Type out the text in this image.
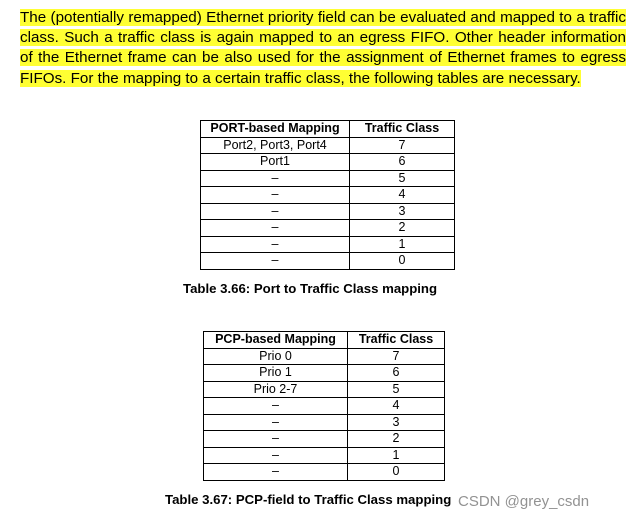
The (potentially remapped) Ethernet priority field can be evaluated and mapped to a traffic class. Such a traffic class is again mapped to an egress FIFO. Other header information of the Ethernet frame can be also used for the assignment of Ethernet frames to egress FIFOs. For the mapping to a certain traffic class, the following tables are necessary.
PORT-based Mapping	Traffic Class
Port2, Port3, Port4	7
Port1	6
–	5
–	4
–	3
–	2
–	1
–	0
Table 3.66: Port to Traffic Class mapping
PCP-based Mapping	Traffic Class
Prio 0	7
Prio 1	6
Prio 2-7	5
–	4
–	3
–	2
–	1
–	0
Table 3.67: PCP-field to Traffic Class mapping CSDN @grey_csdn
